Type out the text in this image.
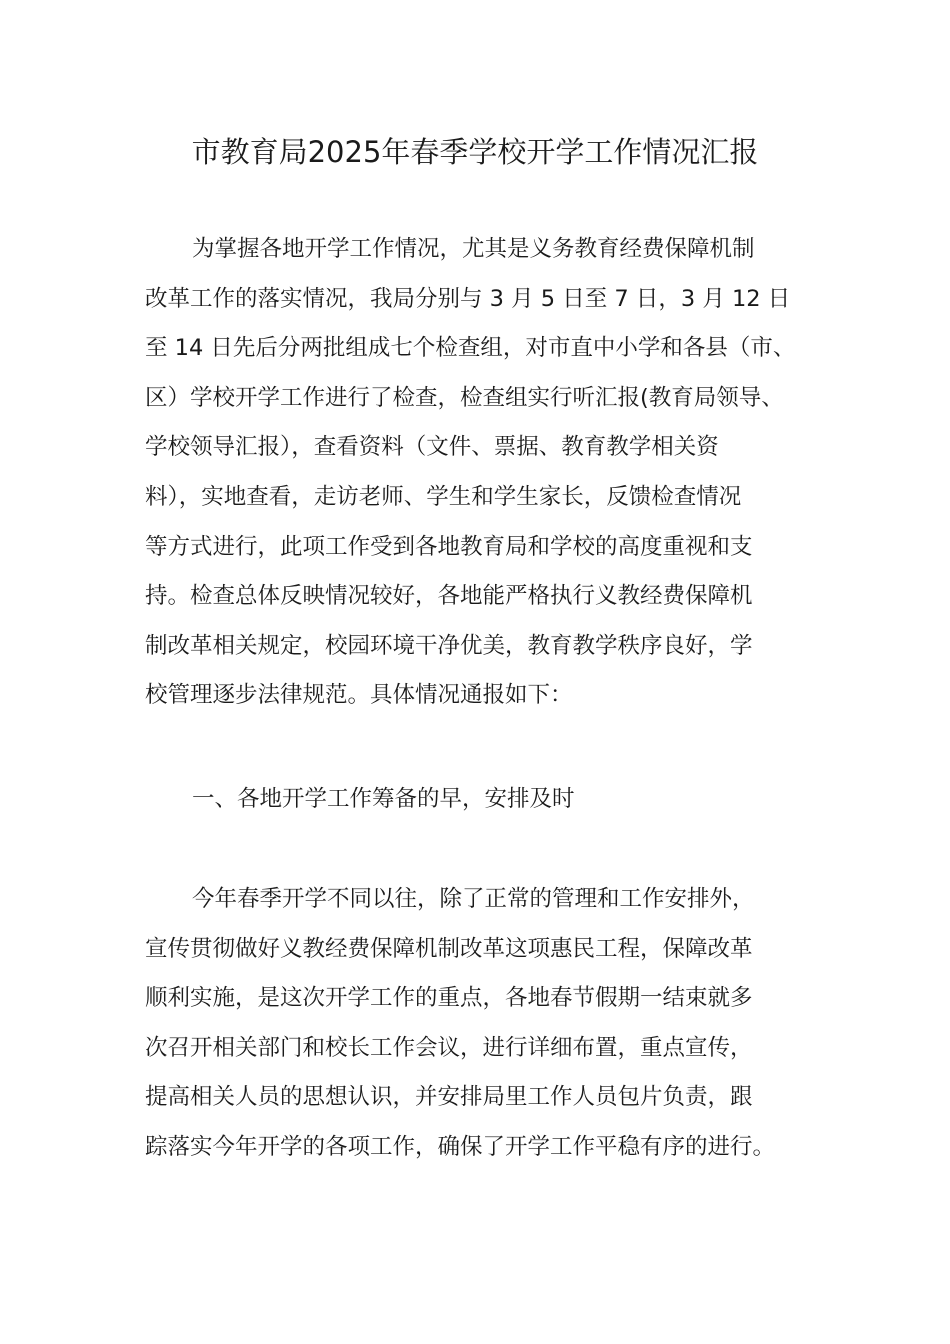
市教育局2025年春季学校开学工作情况汇报
为掌握各地开学工作情况，尤其是义务教育经费保障机制
改革工作的落实情况，我局分别与 3 月 5 日至 7 日，3 月 12 日
至 14 日先后分两批组成七个检查组，对市直中小学和各县（市、
区）学校开学工作进行了检查，检查组实行听汇报(教育局领导、
学校领导汇报），查看资料（文件、票据、教育教学相关资
料），实地查看，走访老师、学生和学生家长，反馈检查情况
等方式进行，此项工作受到各地教育局和学校的高度重视和支
持。检查总体反映情况较好，各地能严格执行义教经费保障机
制改革相关规定，校园环境干净优美，教育教学秩序良好，学
校管理逐步法律规范。具体情况通报如下：
一、各地开学工作筹备的早，安排及时
今年春季开学不同以往，除了正常的管理和工作安排外，
宣传贯彻做好义教经费保障机制改革这项惠民工程，保障改革
顺利实施，是这次开学工作的重点，各地春节假期一结束就多
次召开相关部门和校长工作会议，进行详细布置，重点宣传，
提高相关人员的思想认识，并安排局里工作人员包片负责，跟
踪落实今年开学的各项工作，确保了开学工作平稳有序的进行。
